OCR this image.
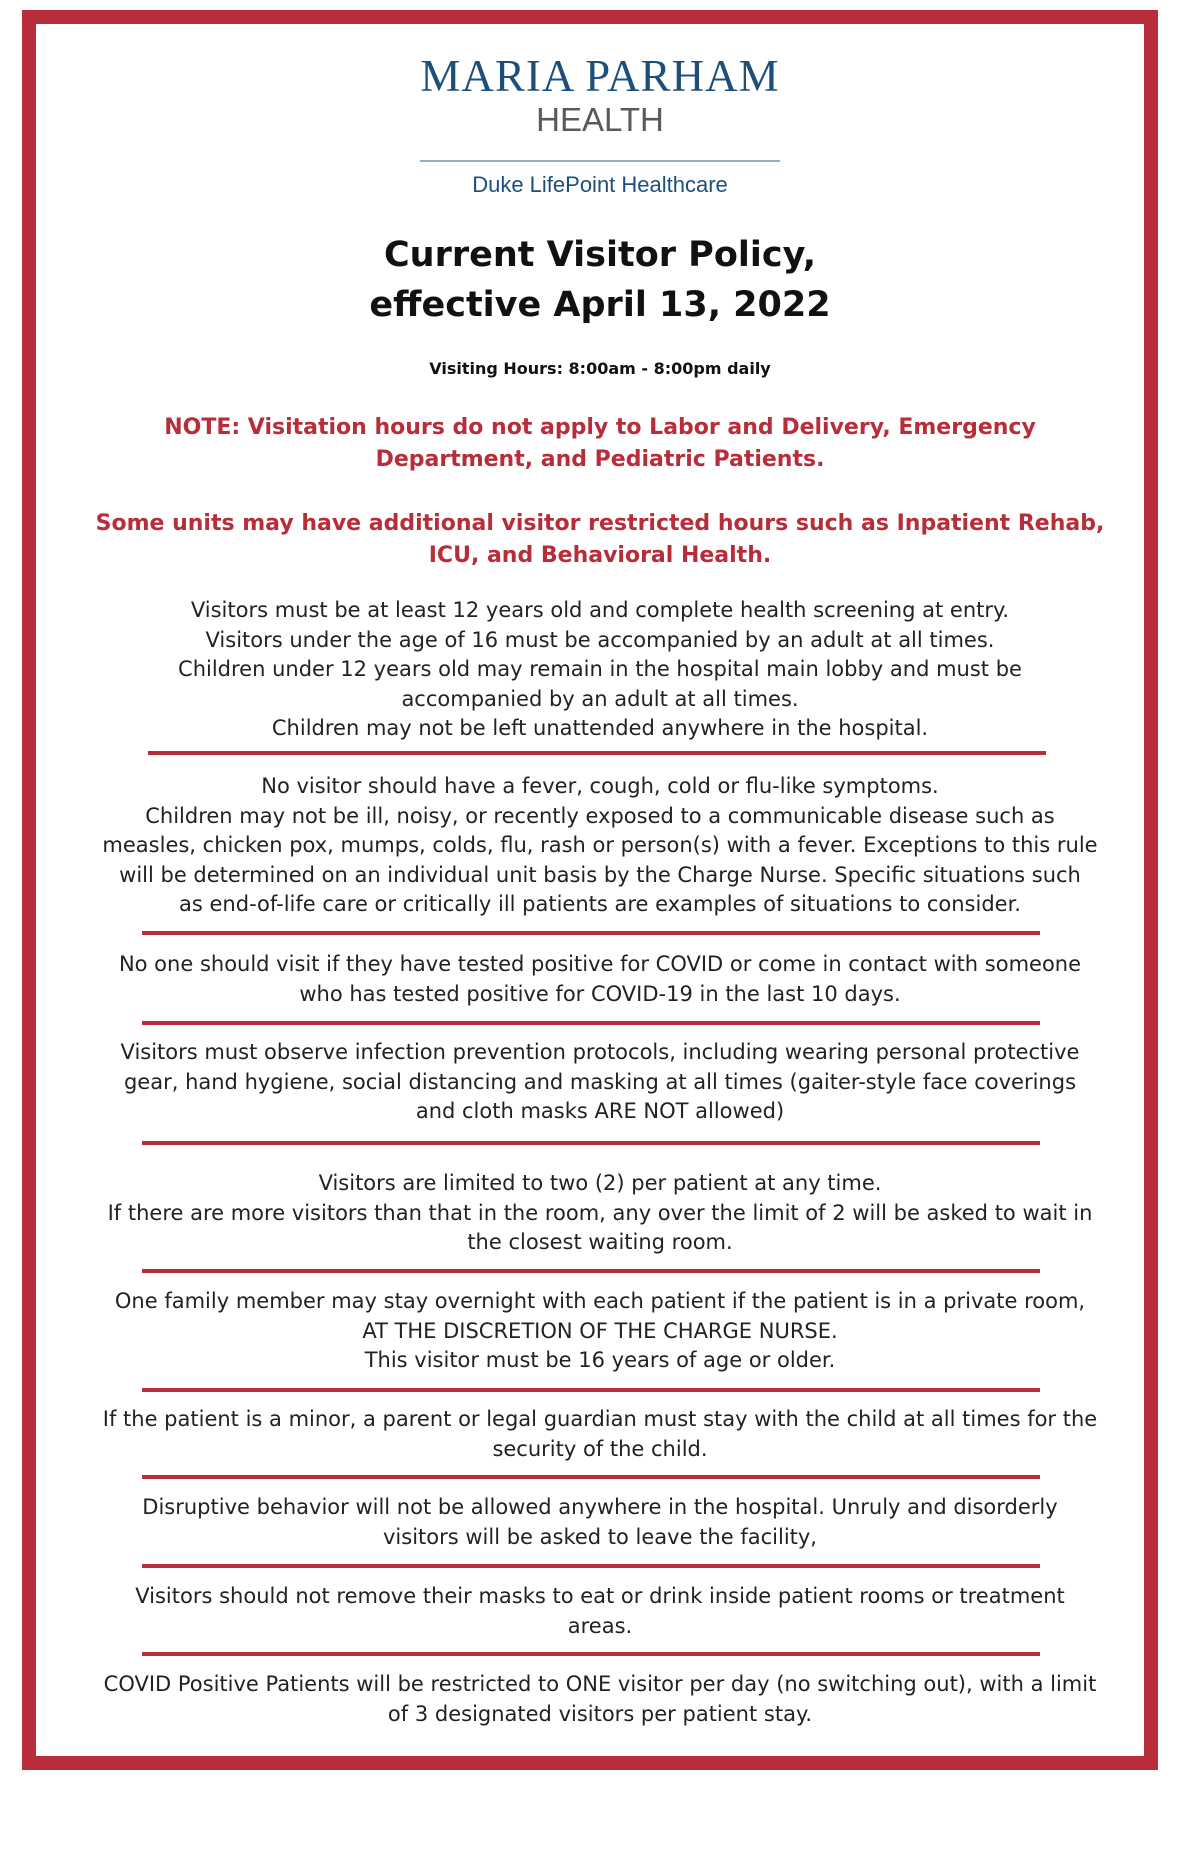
MARIA PARHAM
HEALTH
Duke LifePoint Healthcare
Current Visitor Policy,
effective April 13, 2022
Visiting Hours: 8:00am - 8:00pm daily
NOTE: Visitation hours do not apply to Labor and Delivery, Emergency
Department, and Pediatric Patients.
Some units may have additional visitor restricted hours such as Inpatient Rehab,
ICU, and Behavioral Health.
Visitors must be at least 12 years old and complete health screening at entry.
Visitors under the age of 16 must be accompanied by an adult at all times.
Children under 12 years old may remain in the hospital main lobby and must be
accompanied by an adult at all times.
Children may not be left unattended anywhere in the hospital.
No visitor should have a fever, cough, cold or flu-like symptoms.
Children may not be ill, noisy, or recently exposed to a communicable disease such as
measles, chicken pox, mumps, colds, flu, rash or person(s) with a fever. Exceptions to this rule
will be determined on an individual unit basis by the Charge Nurse. Specific situations such
as end-of-life care or critically ill patients are examples of situations to consider.
No one should visit if they have tested positive for COVID or come in contact with someone
who has tested positive for COVID-19 in the last 10 days.
Visitors must observe infection prevention protocols, including wearing personal protective
gear, hand hygiene, social distancing and masking at all times (gaiter-style face coverings
and cloth masks ARE NOT allowed)
Visitors are limited to two (2) per patient at any time.
If there are more visitors than that in the room, any over the limit of 2 will be asked to wait in
the closest waiting room.
One family member may stay overnight with each patient if the patient is in a private room,
AT THE DISCRETION OF THE CHARGE NURSE.
This visitor must be 16 years of age or older.
If the patient is a minor, a parent or legal guardian must stay with the child at all times for the
security of the child.
Disruptive behavior will not be allowed anywhere in the hospital. Unruly and disorderly
visitors will be asked to leave the facility,
Visitors should not remove their masks to eat or drink inside patient rooms or treatment
areas.
COVID Positive Patients will be restricted to ONE visitor per day (no switching out), with a limit
of 3 designated visitors per patient stay.
